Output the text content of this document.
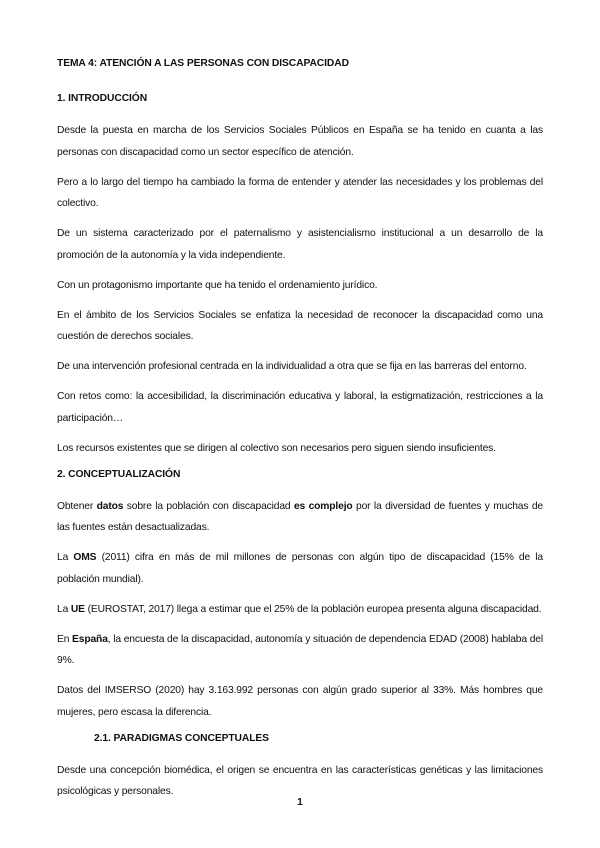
TEMA 4: ATENCIÓN A LAS PERSONAS CON DISCAPACIDAD
1. INTRODUCCIÓN

Desde la puesta en marcha de los Servicios Sociales Públicos en España se ha tenido en cuanta a las personas con discapacidad como un sector específico de atención.

Pero a lo largo del tiempo ha cambiado la forma de entender y atender las necesidades y los problemas del colectivo.

De un sistema caracterizado por el paternalismo y asistencialismo institucional a un desarrollo de la promoción de la autonomía y la vida independiente.

Con un protagonismo importante que ha tenido el ordenamiento jurídico.

En el ámbito de los Servicios Sociales se enfatiza la necesidad de reconocer la discapacidad como una cuestión de derechos sociales.

De una intervención profesional centrada en la individualidad a otra que se fija en las barreras del entorno.

Con retos como: la accesibilidad, la discriminación educativa y laboral, la estigmatización, restricciones a la participación…

Los recursos existentes que se dirigen al colectivo son necesarios pero siguen siendo insuficientes.

2. CONCEPTUALIZACIÓN

Obtener datos sobre la población con discapacidad es complejo por la diversidad de fuentes y muchas de las fuentes están desactualizadas.

La OMS (2011) cifra en más de mil millones de personas con algún tipo de discapacidad (15% de la población mundial).

La UE (EUROSTAT, 2017) llega a estimar que el 25% de la población europea presenta alguna discapacidad.

En España, la encuesta de la discapacidad, autonomía y situación de dependencia EDAD (2008) hablaba del 9%.

Datos del IMSERSO (2020) hay 3.163.992 personas con algún grado superior al 33%. Más hombres que mujeres, pero escasa la diferencia.

2.1. PARADIGMAS CONCEPTUALES

Desde una concepción biomédica, el origen se encuentra en las características genéticas y las limitaciones psicológicas y personales.

1
